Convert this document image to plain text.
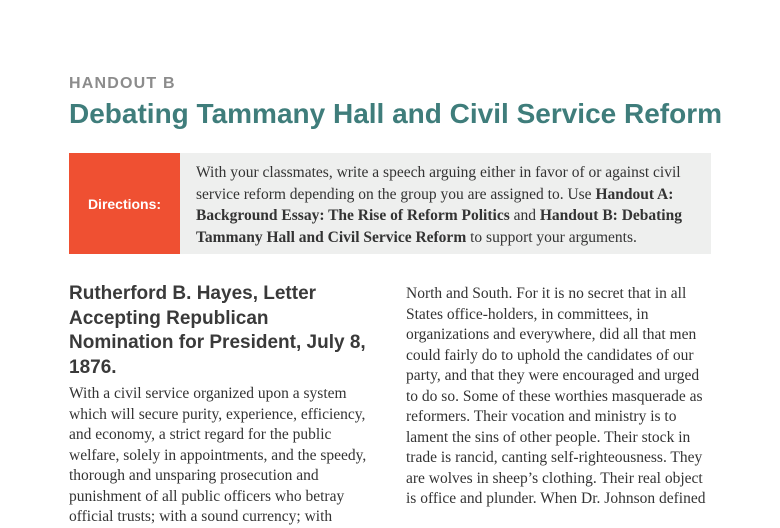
HANDOUT B

Debating Tammany Hall and Civil Service Reform
Directions:

With your classmates, write a speech arguing either in favor of or against civil service reform depending on the group you are assigned to. Use Handout A: Background Essay: The Rise of Reform Politics and Handout B: Debating Tammany Hall and Civil Service Reform to support your arguments.

Rutherford B. Hayes, Letter Accepting Republican Nomination for President, July 8, 1876.

With a civil service organized upon a system which will secure purity, experience, efficiency, and economy, a strict regard for the public welfare, solely in appointments, and the speedy, thorough and unsparing prosecution and punishment of all public officers who betray official trusts; with a sound currency; with

North and South. For it is no secret that in all States office-holders, in committees, in organizations and everywhere, did all that men could fairly do to uphold the candidates of our party, and that they were encouraged and urged to do so. Some of these worthies masquerade as reformers. Their vocation and ministry is to lament the sins of other people. Their stock in trade is rancid, canting self-righteousness. They are wolves in sheep’s clothing. Their real object is office and plunder. When Dr. Johnson defined
